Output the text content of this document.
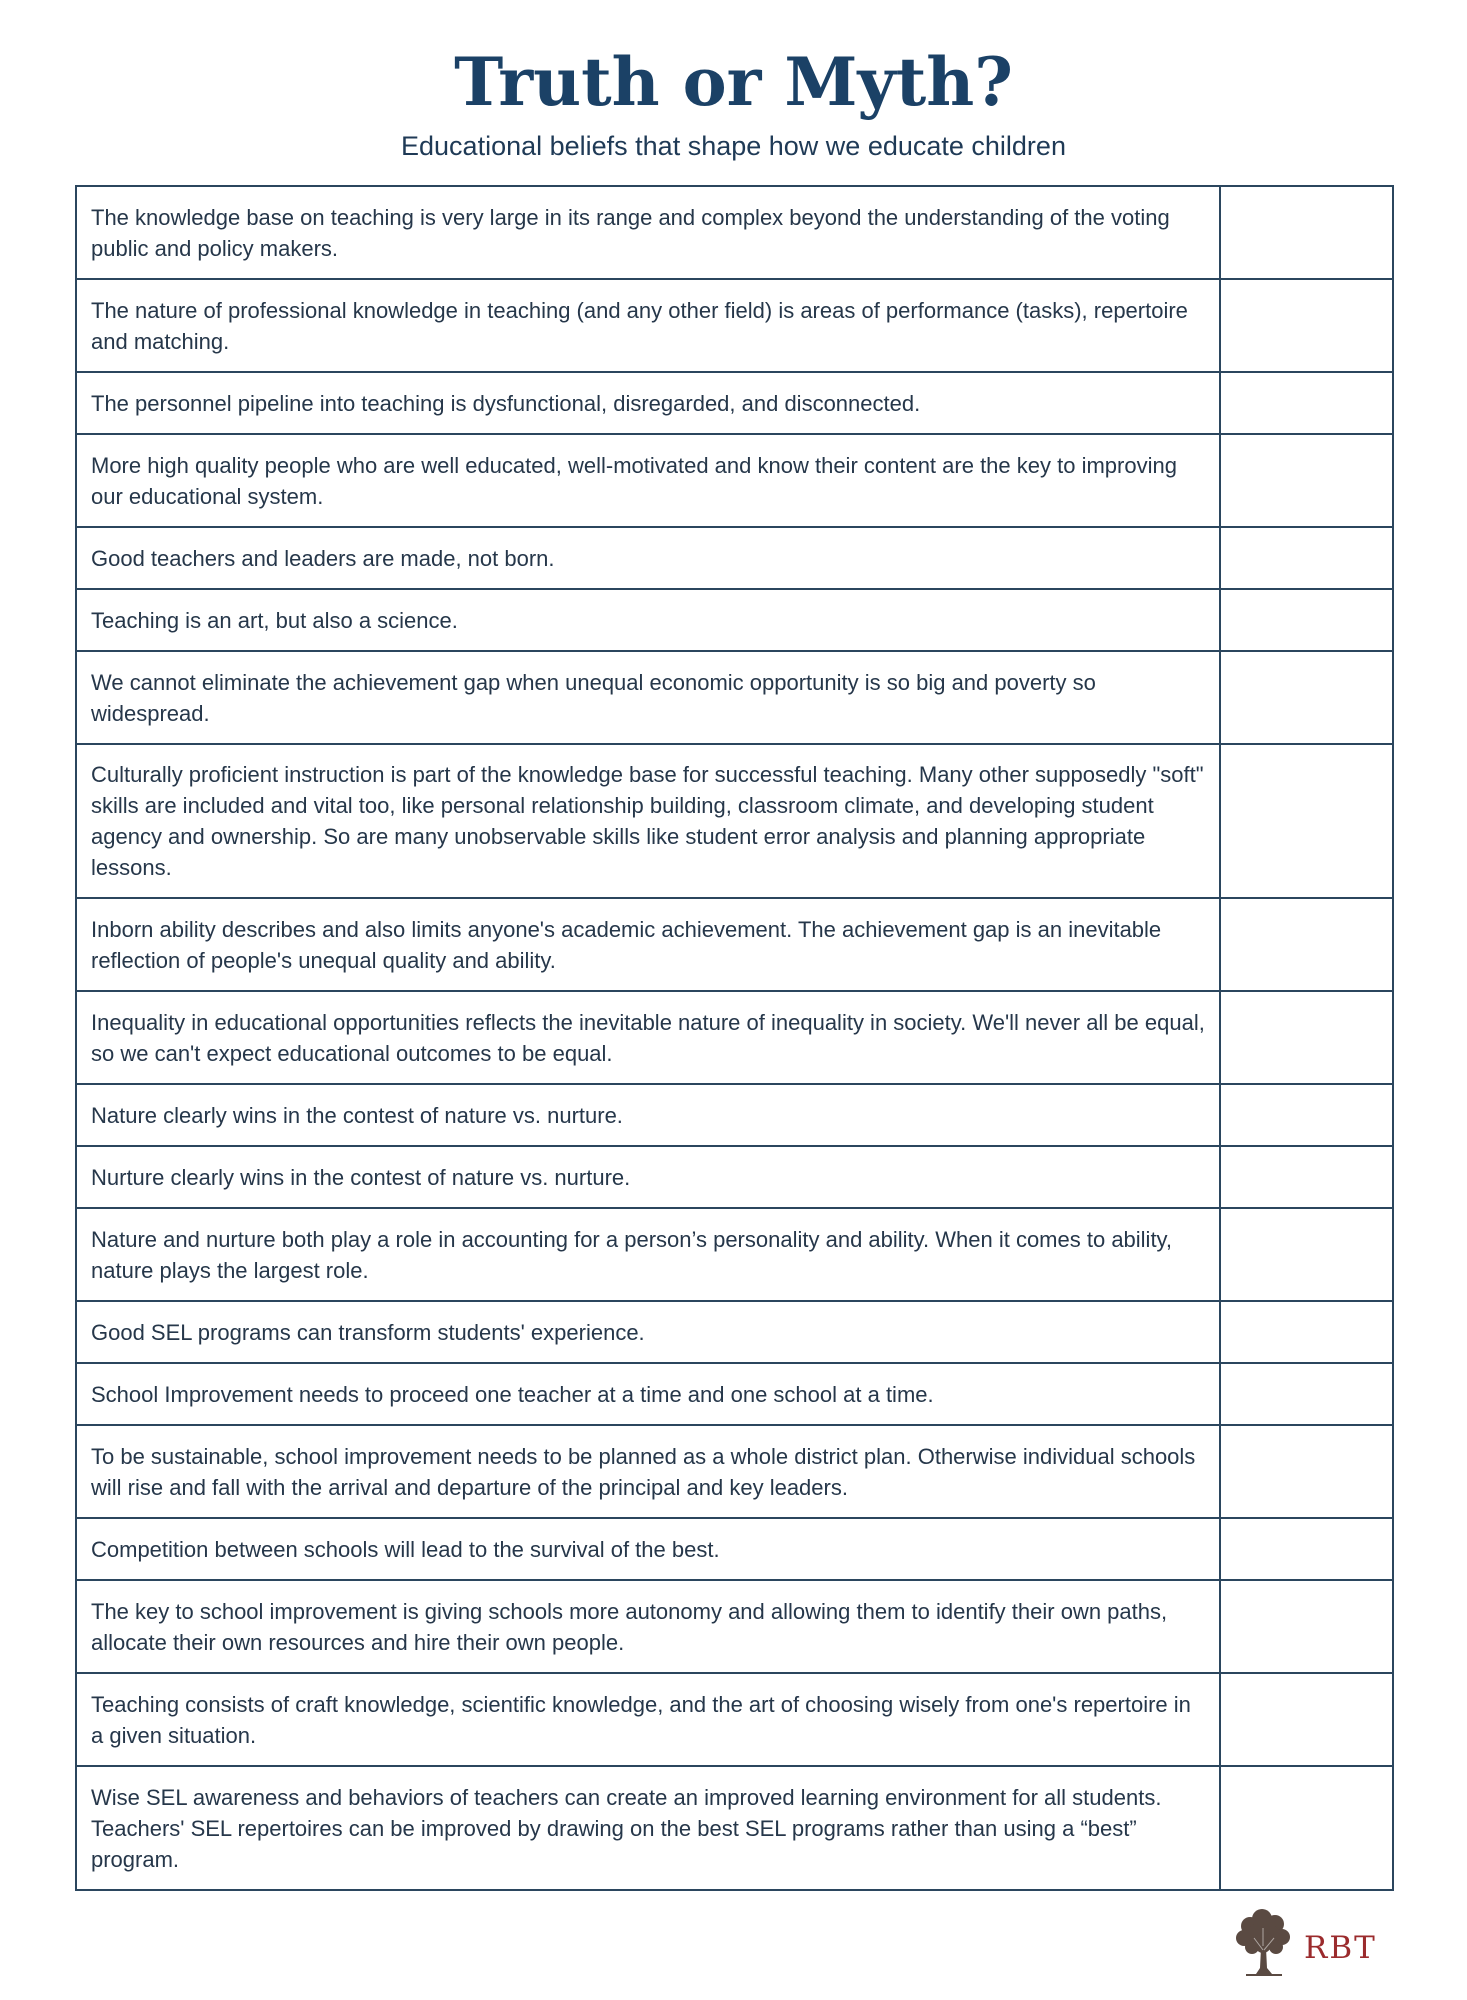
Truth or Myth?

Educational beliefs that shape how we educate children

The knowledge base on teaching is very large in its range and complex beyond the understanding of the voting public and policy makers.	
The nature of professional knowledge in teaching (and any other field) is areas of performance (tasks), repertoire and matching.	
The personnel pipeline into teaching is dysfunctional, disregarded, and disconnected.	
More high quality people who are well educated, well-motivated and know their content are the key to improving our educational system.	
Good teachers and leaders are made, not born.	
Teaching is an art, but also a science.	
We cannot eliminate the achievement gap when unequal economic opportunity is so big and poverty so widespread.	
Culturally proficient instruction is part of the knowledge base for successful teaching. Many other supposedly "soft" skills are included and vital too, like personal relationship building, classroom climate, and developing student agency and ownership. So are many unobservable skills like student error analysis and planning appropriate lessons.	
Inborn ability describes and also limits anyone's academic achievement. The achievement gap is an inevitable reflection of people's unequal quality and ability.	
Inequality in educational opportunities reflects the inevitable nature of inequality in society. We'll never all be equal, so we can't expect educational outcomes to be equal.	
Nature clearly wins in the contest of nature vs. nurture.	
Nurture clearly wins in the contest of nature vs. nurture.	
Nature and nurture both play a role in accounting for a person’s personality and ability. When it comes to ability, nature plays the largest role.	
Good SEL programs can transform students' experience.	
School Improvement needs to proceed one teacher at a time and one school at a time.	
To be sustainable, school improvement needs to be planned as a whole district plan. Otherwise individual schools will rise and fall with the arrival and departure of the principal and key leaders.	
Competition between schools will lead to the survival of the best.	
The key to school improvement is giving schools more autonomy and allowing them to identify their own paths, allocate their own resources and hire their own people.	
Teaching consists of craft knowledge, scientific knowledge, and the art of choosing wisely from one's repertoire in a given situation.	
Wise SEL awareness and behaviors of teachers can create an improved learning environment for all students. Teachers' SEL repertoires can be improved by drawing on the best SEL programs rather than using a “best” program.	
RBT
